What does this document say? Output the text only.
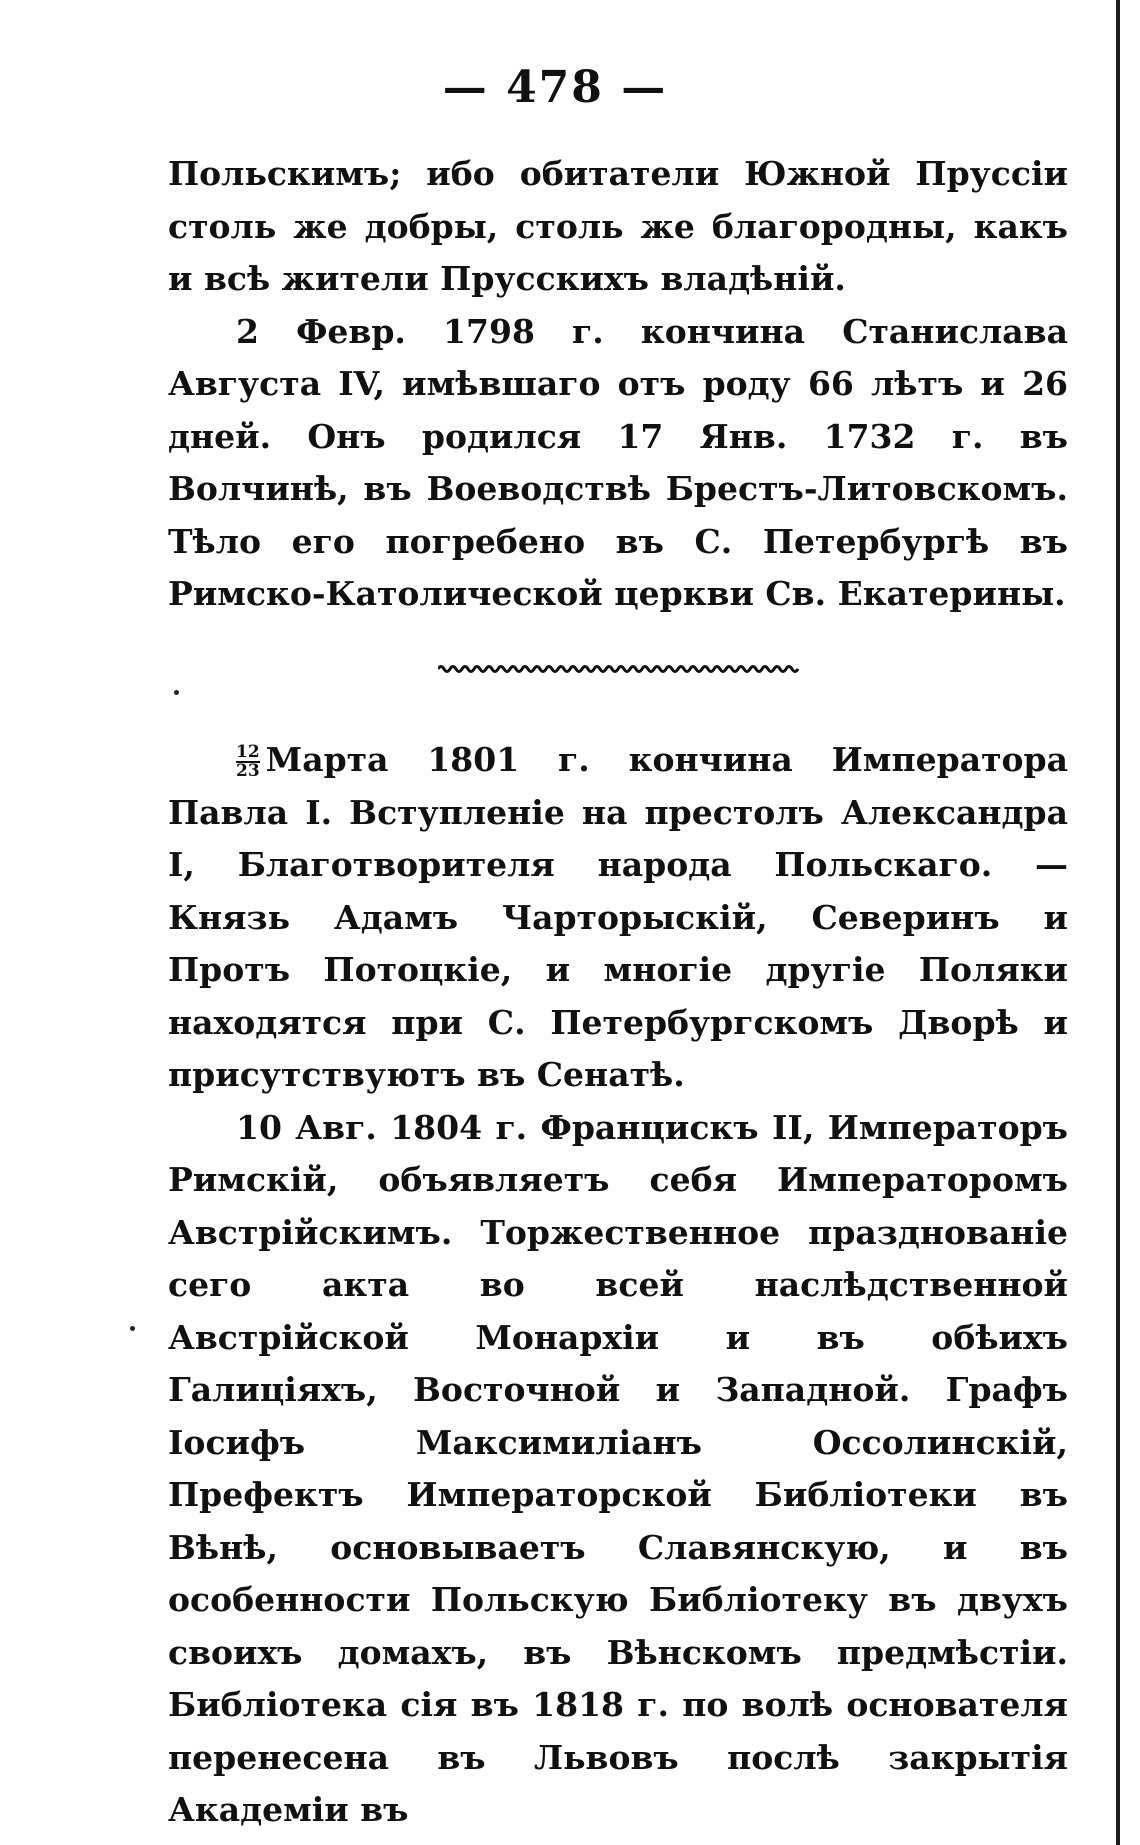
— 478 —

Польскимъ; ибо обитатели Южной Пруссіи столь же добры, столь же благородны, какъ и всѣ жители Прусскихъ владѣній.

2 Февр. 1798 г. кончина Станислава Августа IV, имѣвшаго отъ роду 66 лѣтъ и 26 дней. Онъ родился 17 Янв. 1732 г. въ Волчинѣ, въ Воеводствѣ Брестъ-Литовскомъ. Тѣло его погребено въ С. Петербургѣ въ Римско-Католической церкви Св. Екатерины.

$\frac{12}{23}$ Марта 1801 г. кончина Императора Павла I. Вступленіе на престолъ Александра I, Благотворителя народа Польскаго. — Князь Адамъ Чарторыскій, Северинъ и Протъ Потоцкіе, и многіе другіе Поляки находятся при С. Петербургскомъ Дворѣ и присутствуютъ въ Сенатѣ.

10 Авг. 1804 г. Францискъ II, Императоръ Римскій, объявляетъ себя Императоромъ Австрійскимъ. Торжественное празднованіе сего акта во всей наслѣдственной Австрійской Монархіи и въ обѣихъ Галиціяхъ, Восточной и Западной. Графъ Іосифъ Максимиліанъ Оссолинскій, Префектъ Императорской Библіотеки въ Вѣнѣ, основываетъ Славянскую, и въ особенности Польскую Библіотеку въ двухъ своихъ домахъ, въ Вѣнскомъ предмѣстіи. Библіотека сія въ 1818 г. по волѣ основателя перенесена въ Львовъ послѣ закрытія Академіи въ
